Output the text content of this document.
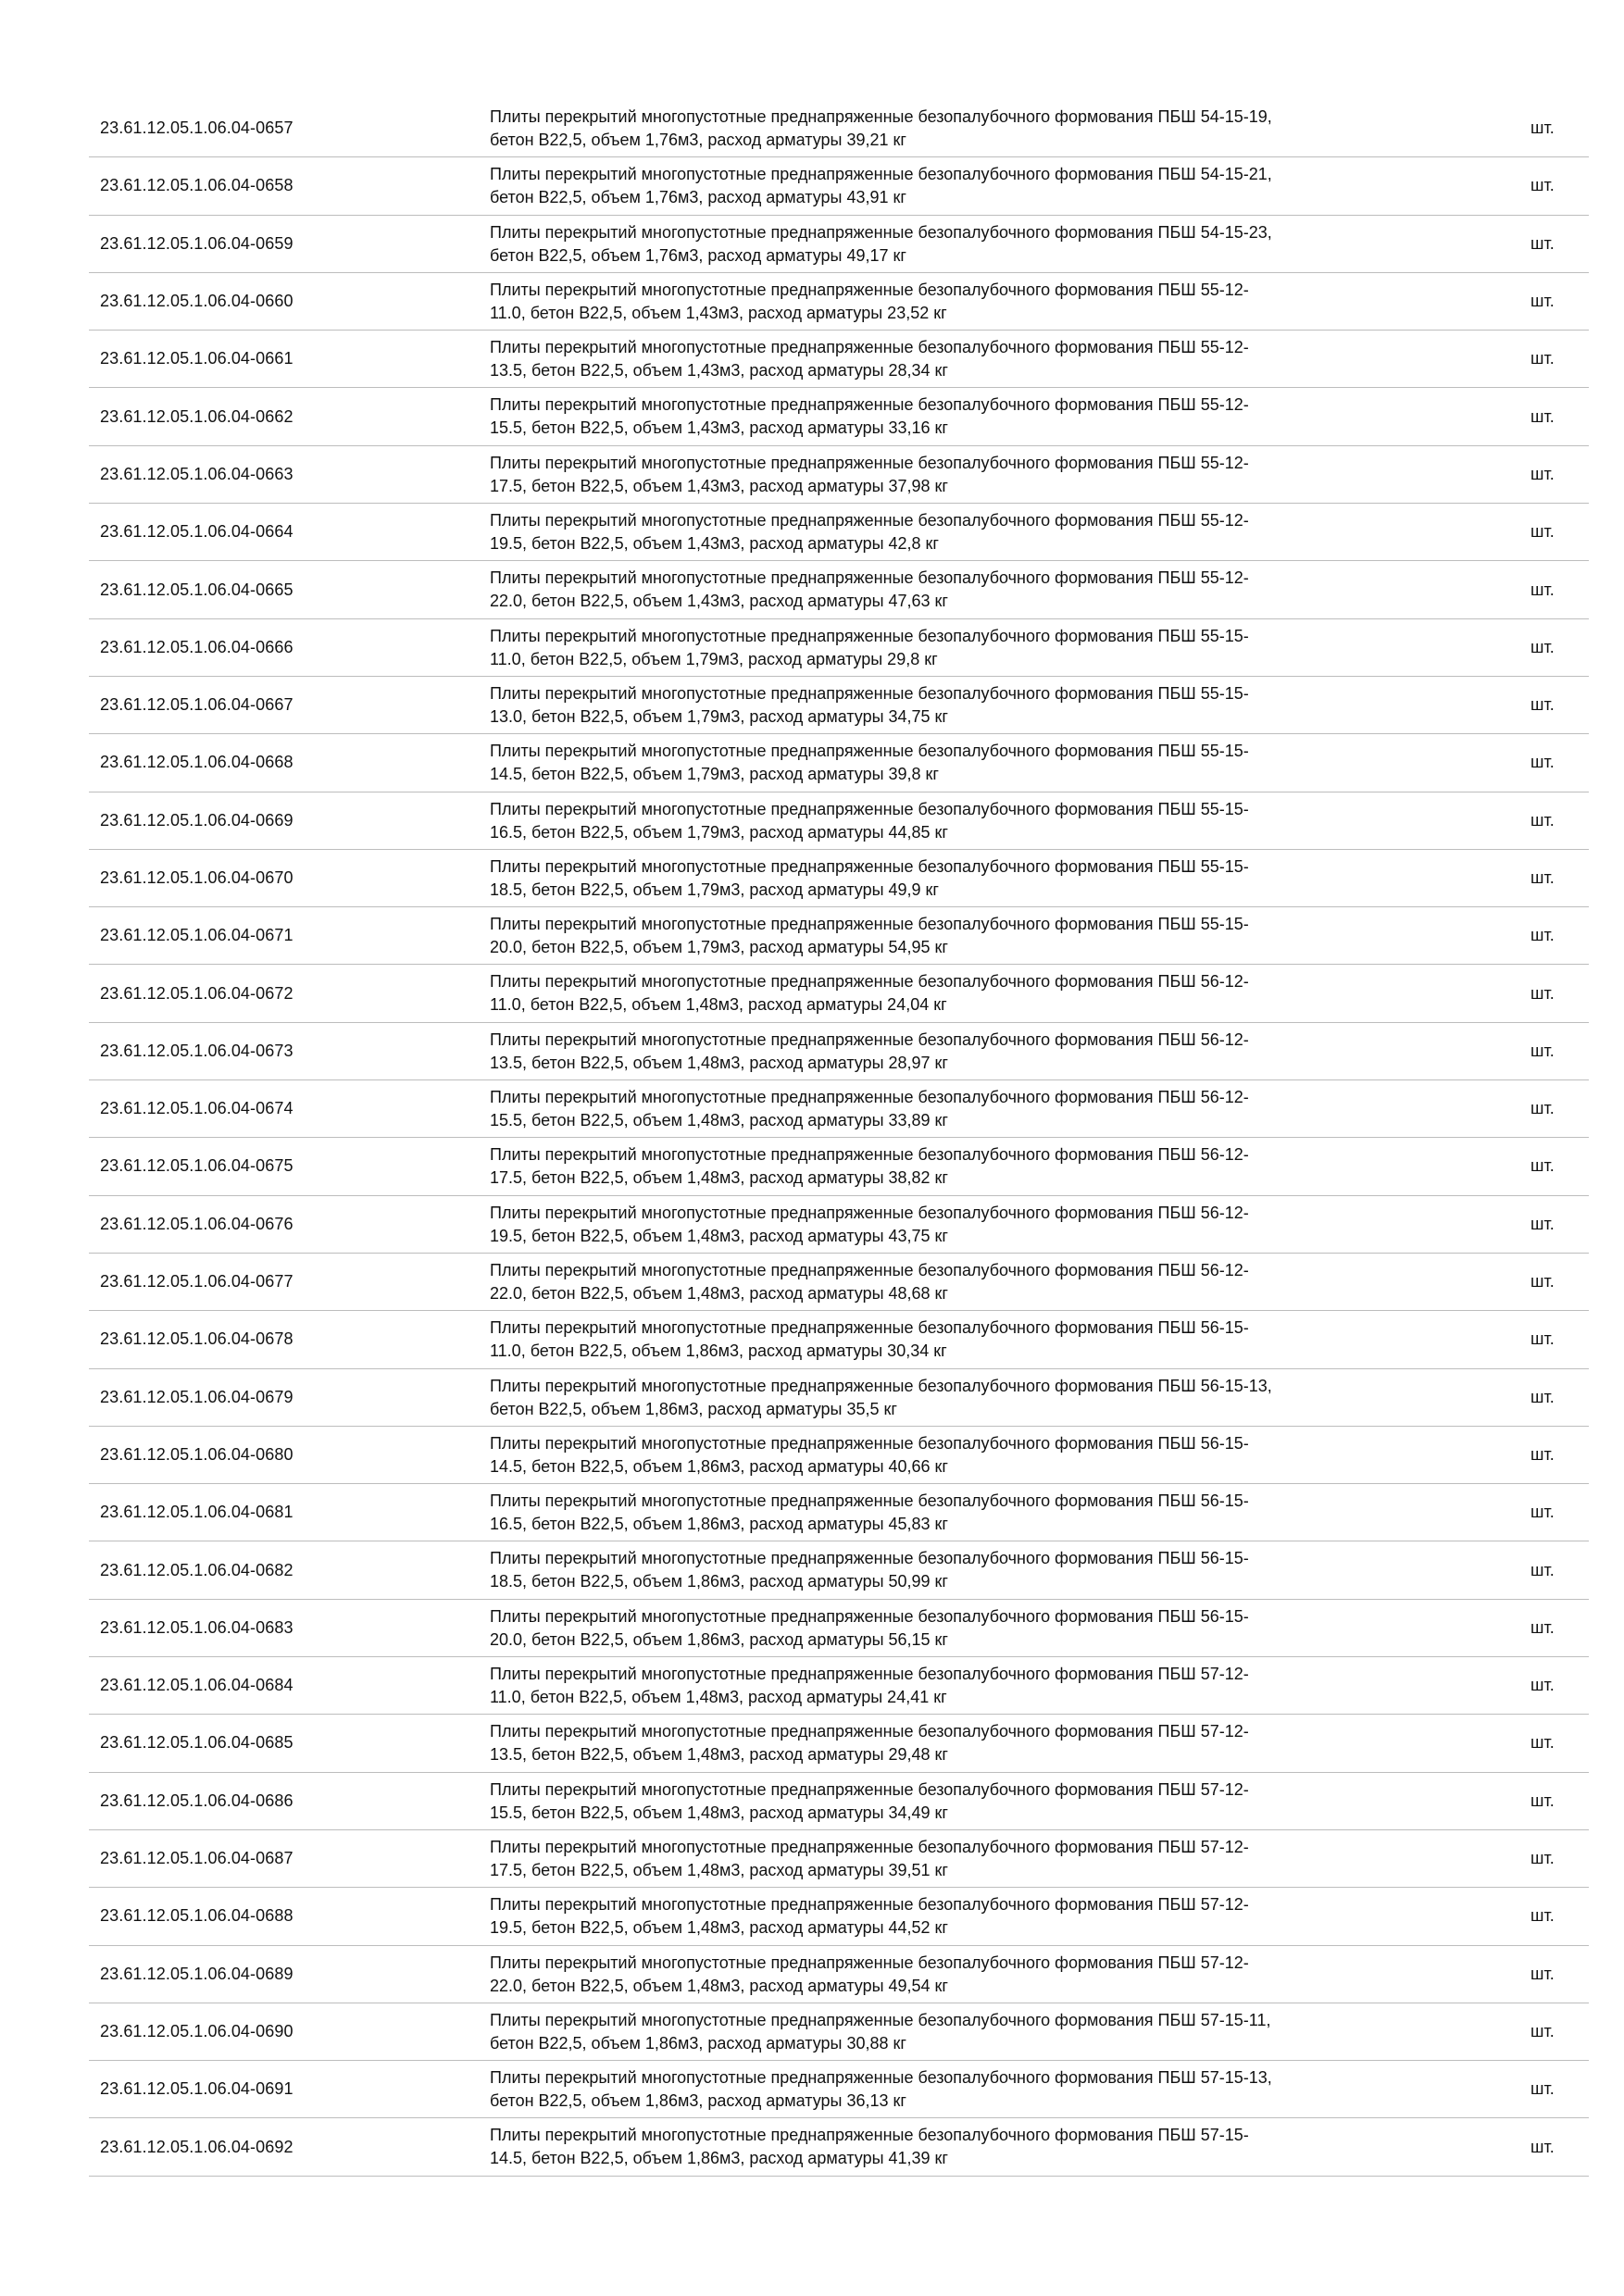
23.61.12.05.1.06.04-0657
Плиты перекрытий многопустотные преднапряженные безопалубочного формования ПБШ 54-15-19,
бетон В22,5, объем 1,76м3, расход арматуры 39,21 кг
шт.
23.61.12.05.1.06.04-0658
Плиты перекрытий многопустотные преднапряженные безопалубочного формования ПБШ 54-15-21,
бетон В22,5, объем 1,76м3, расход арматуры 43,91 кг
шт.
23.61.12.05.1.06.04-0659
Плиты перекрытий многопустотные преднапряженные безопалубочного формования ПБШ 54-15-23,
бетон В22,5, объем 1,76м3, расход арматуры 49,17 кг
шт.
23.61.12.05.1.06.04-0660
Плиты перекрытий многопустотные преднапряженные безопалубочного формования ПБШ 55-12-
11.0, бетон В22,5, объем 1,43м3, расход арматуры 23,52 кг
шт.
23.61.12.05.1.06.04-0661
Плиты перекрытий многопустотные преднапряженные безопалубочного формования ПБШ 55-12-
13.5, бетон В22,5, объем 1,43м3, расход арматуры 28,34 кг
шт.
23.61.12.05.1.06.04-0662
Плиты перекрытий многопустотные преднапряженные безопалубочного формования ПБШ 55-12-
15.5, бетон В22,5, объем 1,43м3, расход арматуры 33,16 кг
шт.
23.61.12.05.1.06.04-0663
Плиты перекрытий многопустотные преднапряженные безопалубочного формования ПБШ 55-12-
17.5, бетон В22,5, объем 1,43м3, расход арматуры 37,98 кг
шт.
23.61.12.05.1.06.04-0664
Плиты перекрытий многопустотные преднапряженные безопалубочного формования ПБШ 55-12-
19.5, бетон В22,5, объем 1,43м3, расход арматуры 42,8 кг
шт.
23.61.12.05.1.06.04-0665
Плиты перекрытий многопустотные преднапряженные безопалубочного формования ПБШ 55-12-
22.0, бетон В22,5, объем 1,43м3, расход арматуры 47,63 кг
шт.
23.61.12.05.1.06.04-0666
Плиты перекрытий многопустотные преднапряженные безопалубочного формования ПБШ 55-15-
11.0, бетон В22,5, объем 1,79м3, расход арматуры 29,8 кг
шт.
23.61.12.05.1.06.04-0667
Плиты перекрытий многопустотные преднапряженные безопалубочного формования ПБШ 55-15-
13.0, бетон В22,5, объем 1,79м3, расход арматуры 34,75 кг
шт.
23.61.12.05.1.06.04-0668
Плиты перекрытий многопустотные преднапряженные безопалубочного формования ПБШ 55-15-
14.5, бетон В22,5, объем 1,79м3, расход арматуры 39,8 кг
шт.
23.61.12.05.1.06.04-0669
Плиты перекрытий многопустотные преднапряженные безопалубочного формования ПБШ 55-15-
16.5, бетон В22,5, объем 1,79м3, расход арматуры 44,85 кг
шт.
23.61.12.05.1.06.04-0670
Плиты перекрытий многопустотные преднапряженные безопалубочного формования ПБШ 55-15-
18.5, бетон В22,5, объем 1,79м3, расход арматуры 49,9 кг
шт.
23.61.12.05.1.06.04-0671
Плиты перекрытий многопустотные преднапряженные безопалубочного формования ПБШ 55-15-
20.0, бетон В22,5, объем 1,79м3, расход арматуры 54,95 кг
шт.
23.61.12.05.1.06.04-0672
Плиты перекрытий многопустотные преднапряженные безопалубочного формования ПБШ 56-12-
11.0, бетон В22,5, объем 1,48м3, расход арматуры 24,04 кг
шт.
23.61.12.05.1.06.04-0673
Плиты перекрытий многопустотные преднапряженные безопалубочного формования ПБШ 56-12-
13.5, бетон В22,5, объем 1,48м3, расход арматуры 28,97 кг
шт.
23.61.12.05.1.06.04-0674
Плиты перекрытий многопустотные преднапряженные безопалубочного формования ПБШ 56-12-
15.5, бетон В22,5, объем 1,48м3, расход арматуры 33,89 кг
шт.
23.61.12.05.1.06.04-0675
Плиты перекрытий многопустотные преднапряженные безопалубочного формования ПБШ 56-12-
17.5, бетон В22,5, объем 1,48м3, расход арматуры 38,82 кг
шт.
23.61.12.05.1.06.04-0676
Плиты перекрытий многопустотные преднапряженные безопалубочного формования ПБШ 56-12-
19.5, бетон В22,5, объем 1,48м3, расход арматуры 43,75 кг
шт.
23.61.12.05.1.06.04-0677
Плиты перекрытий многопустотные преднапряженные безопалубочного формования ПБШ 56-12-
22.0, бетон В22,5, объем 1,48м3, расход арматуры 48,68 кг
шт.
23.61.12.05.1.06.04-0678
Плиты перекрытий многопустотные преднапряженные безопалубочного формования ПБШ 56-15-
11.0, бетон В22,5, объем 1,86м3, расход арматуры 30,34 кг
шт.
23.61.12.05.1.06.04-0679
Плиты перекрытий многопустотные преднапряженные безопалубочного формования ПБШ 56-15-13,
бетон В22,5, объем 1,86м3, расход арматуры 35,5 кг
шт.
23.61.12.05.1.06.04-0680
Плиты перекрытий многопустотные преднапряженные безопалубочного формования ПБШ 56-15-
14.5, бетон В22,5, объем 1,86м3, расход арматуры 40,66 кг
шт.
23.61.12.05.1.06.04-0681
Плиты перекрытий многопустотные преднапряженные безопалубочного формования ПБШ 56-15-
16.5, бетон В22,5, объем 1,86м3, расход арматуры 45,83 кг
шт.
23.61.12.05.1.06.04-0682
Плиты перекрытий многопустотные преднапряженные безопалубочного формования ПБШ 56-15-
18.5, бетон В22,5, объем 1,86м3, расход арматуры 50,99 кг
шт.
23.61.12.05.1.06.04-0683
Плиты перекрытий многопустотные преднапряженные безопалубочного формования ПБШ 56-15-
20.0, бетон В22,5, объем 1,86м3, расход арматуры 56,15 кг
шт.
23.61.12.05.1.06.04-0684
Плиты перекрытий многопустотные преднапряженные безопалубочного формования ПБШ 57-12-
11.0, бетон В22,5, объем 1,48м3, расход арматуры 24,41 кг
шт.
23.61.12.05.1.06.04-0685
Плиты перекрытий многопустотные преднапряженные безопалубочного формования ПБШ 57-12-
13.5, бетон В22,5, объем 1,48м3, расход арматуры 29,48 кг
шт.
23.61.12.05.1.06.04-0686
Плиты перекрытий многопустотные преднапряженные безопалубочного формования ПБШ 57-12-
15.5, бетон В22,5, объем 1,48м3, расход арматуры 34,49 кг
шт.
23.61.12.05.1.06.04-0687
Плиты перекрытий многопустотные преднапряженные безопалубочного формования ПБШ 57-12-
17.5, бетон В22,5, объем 1,48м3, расход арматуры 39,51 кг
шт.
23.61.12.05.1.06.04-0688
Плиты перекрытий многопустотные преднапряженные безопалубочного формования ПБШ 57-12-
19.5, бетон В22,5, объем 1,48м3, расход арматуры 44,52 кг
шт.
23.61.12.05.1.06.04-0689
Плиты перекрытий многопустотные преднапряженные безопалубочного формования ПБШ 57-12-
22.0, бетон В22,5, объем 1,48м3, расход арматуры 49,54 кг
шт.
23.61.12.05.1.06.04-0690
Плиты перекрытий многопустотные преднапряженные безопалубочного формования ПБШ 57-15-11,
бетон В22,5, объем 1,86м3, расход арматуры 30,88 кг
шт.
23.61.12.05.1.06.04-0691
Плиты перекрытий многопустотные преднапряженные безопалубочного формования ПБШ 57-15-13,
бетон В22,5, объем 1,86м3, расход арматуры 36,13 кг
шт.
23.61.12.05.1.06.04-0692
Плиты перекрытий многопустотные преднапряженные безопалубочного формования ПБШ 57-15-
14.5, бетон В22,5, объем 1,86м3, расход арматуры 41,39 кг
шт.
